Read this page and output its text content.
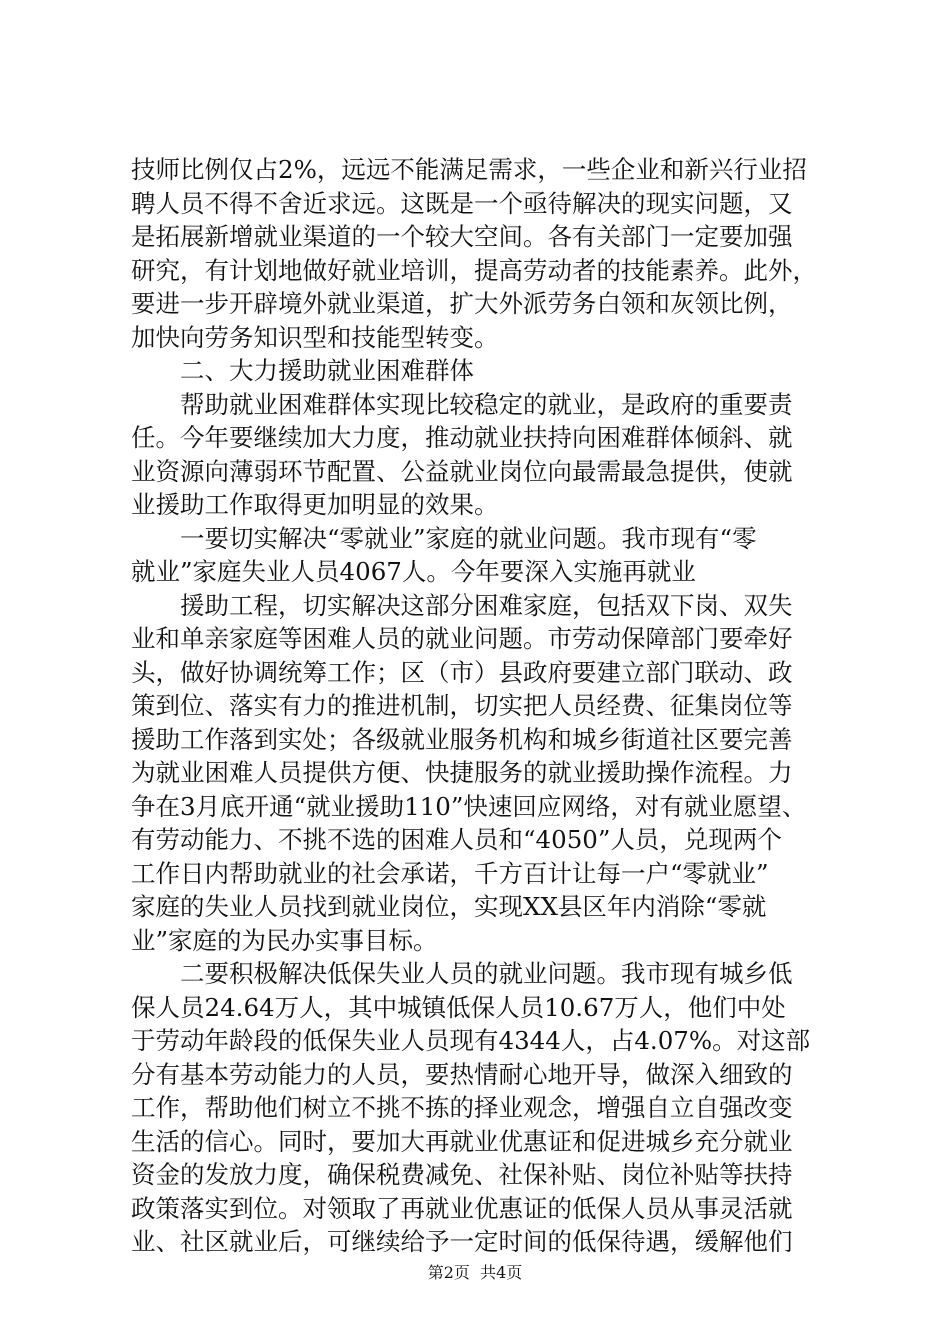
技师比例仅占2%，远远不能满足需求，一些企业和新兴行业招
聘人员不得不舍近求远。这既是一个亟待解决的现实问题，又
是拓展新增就业渠道的一个较大空间。各有关部门一定要加强
研究，有计划地做好就业培训，提高劳动者的技能素养。此外，
要进一步开辟境外就业渠道，扩大外派劳务白领和灰领比例，
加快向劳务知识型和技能型转变。
二、大力援助就业困难群体
帮助就业困难群体实现比较稳定的就业，是政府的重要责
任。今年要继续加大力度，推动就业扶持向困难群体倾斜、就
业资源向薄弱环节配置、公益就业岗位向最需最急提供，使就
业援助工作取得更加明显的效果。
一要切实解决“零就业”家庭的就业问题。我市现有“零
就业”家庭失业人员4067人。今年要深入实施再就业
援助工程，切实解决这部分困难家庭，包括双下岗、双失
业和单亲家庭等困难人员的就业问题。市劳动保障部门要牵好
头，做好协调统筹工作；区（市）县政府要建立部门联动、政
策到位、落实有力的推进机制，切实把人员经费、征集岗位等
援助工作落到实处；各级就业服务机构和城乡街道社区要完善
为就业困难人员提供方便、快捷服务的就业援助操作流程。力
争在3月底开通“就业援助110”快速回应网络，对有就业愿望、
有劳动能力、不挑不选的困难人员和“4050”人员，兑现两个
工作日内帮助就业的社会承诺，千方百计让每一户“零就业”
家庭的失业人员找到就业岗位，实现XX县区年内消除“零就
业”家庭的为民办实事目标。
二要积极解决低保失业人员的就业问题。我市现有城乡低
保人员24.64万人，其中城镇低保人员10.67万人，他们中处
于劳动年龄段的低保失业人员现有4344人，占4.07%。对这部
分有基本劳动能力的人员，要热情耐心地开导，做深入细致的
工作，帮助他们树立不挑不拣的择业观念，增强自立自强改变
生活的信心。同时，要加大再就业优惠证和促进城乡充分就业
资金的发放力度，确保税费减免、社保补贴、岗位补贴等扶持
政策落实到位。对领取了再就业优惠证的低保人员从事灵活就
业、社区就业后，可继续给予一定时间的低保待遇，缓解他们
第2页  共4页
